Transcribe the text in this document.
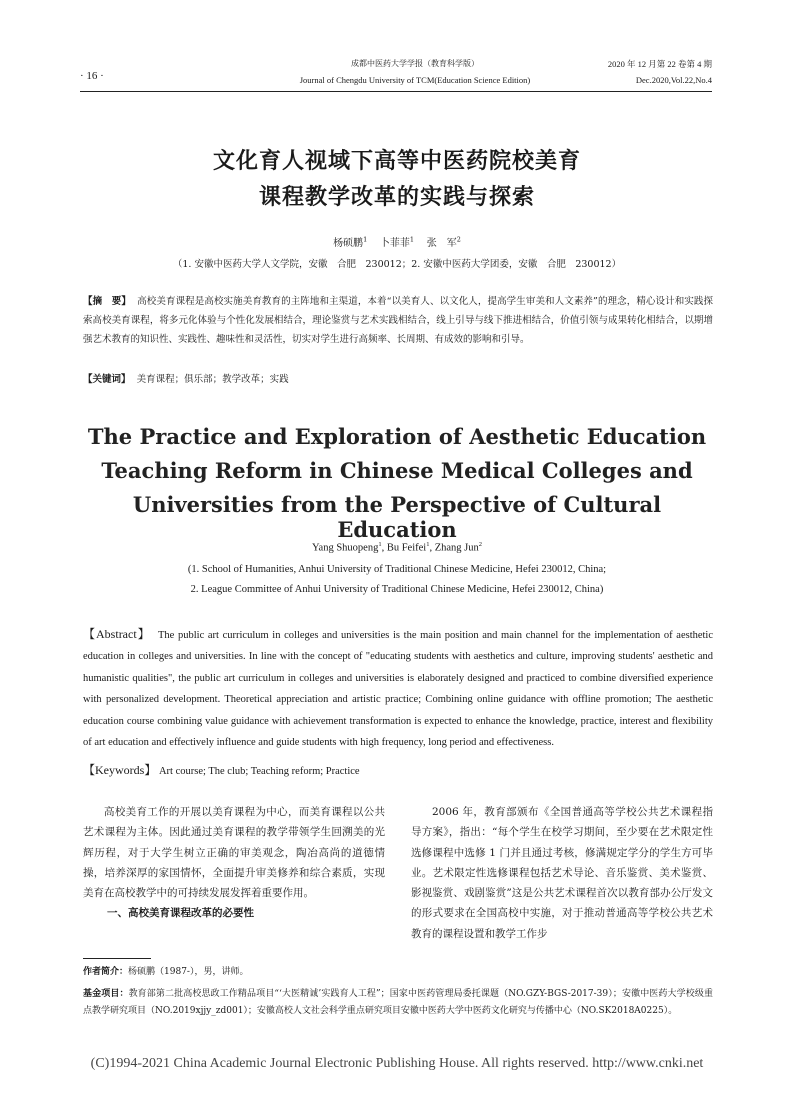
· 16 ·
成都中医药大学学报（教育科学版）
Journal of Chengdu University of TCM(Education Science Edition)
2020 年 12 月第 22 卷第 4 期
Dec.2020,Vol.22,No.4
文化育人视域下高等中医药院校美育
课程教学改革的实践与探索
杨硕鹏$^1$ 卜菲菲$^1$ 张　军$^2$
（1. 安徽中医药大学人文学院，安徽　合肥　230012；2. 安徽中医药大学团委，安徽　合肥　230012）
【摘　要】 高校美育课程是高校实施美育教育的主阵地和主渠道，本着“以美育人、以文化人，提高学生审美和人文素养”的理念，精心设计和实践探索高校美育课程，将多元化体验与个性化发展相结合，理论鉴赏与艺术实践相结合，线上引导与线下推进相结合，价值引领与成果转化相结合，以期增强艺术教育的知识性、实践性、趣味性和灵活性，切实对学生进行高频率、长周期、有成效的影响和引导。
【关键词】 美育课程；俱乐部；教学改革；实践
The Practice and Exploration of Aesthetic Education
Teaching Reform in Chinese Medical Colleges and
Universities from the Perspective of Cultural Education
Yang Shuopeng$^1$, Bu Feifei$^1$, Zhang Jun$^2$
(1. School of Humanities, Anhui University of Traditional Chinese Medicine, Hefei 230012, China;
2. League Committee of Anhui University of Traditional Chinese Medicine, Hefei 230012, China)
【Abstract】 The public art curriculum in colleges and universities is the main position and main channel for the implementation of aesthetic education in colleges and universities. In line with the concept of "educating students with aesthetics and culture, improving students' aesthetic and humanistic qualities", the public art curriculum in colleges and universities is elaborately designed and practiced to combine diversified experience with personalized development. Theoretical appreciation and artistic practice; Combining online guidance with offline promotion; The aesthetic education course combining value guidance with achievement transformation is expected to enhance the knowledge, practice, interest and flexibility of art education and effectively influence and guide students with high frequency, long period and effectiveness.
【Keywords】 Art course; The club; Teaching reform; Practice

高校美育工作的开展以美育课程为中心，而美育课程以公共艺术课程为主体。因此通过美育课程的教学带领学生回溯美的光辉历程，对于大学生树立正确的审美观念，陶冶高尚的道德情操，培养深厚的家国情怀，全面提升审美修养和综合素质，实现美育在高校教学中的可持续发展发挥着重要作用。

一、高校美育课程改革的必要性

2006 年，教育部颁布《全国普通高等学校公共艺术课程指导方案》，指出：“每个学生在校学习期间，至少要在艺术限定性选修课程中选修 1 门并且通过考核，修满规定学分的学生方可毕业。艺术限定性选修课程包括艺术导论、音乐鉴赏、美术鉴赏、影视鉴赏、戏剧鉴赏”这是公共艺术课程首次以教育部办公厅发文的形式要求在全国高校中实施，对于推动普通高等学校公共艺术教育的课程设置和教学工作步

作者简介：杨硕鹏（1987-），男，讲师。
基金项目：教育部第二批高校思政工作精品项目“‘大医精诚’实践育人工程”；国家中医药管理局委托课题（NO.GZY-BGS-2017-39）；安徽中医药大学校级重点教学研究项目（NO.2019xjjy_zd001）；安徽高校人文社会科学重点研究项目安徽中医药大学中医药文化研究与传播中心（NO.SK2018A0225）。
(C)1994-2021 China Academic Journal Electronic Publishing House. All rights reserved. http://www.cnki.net
